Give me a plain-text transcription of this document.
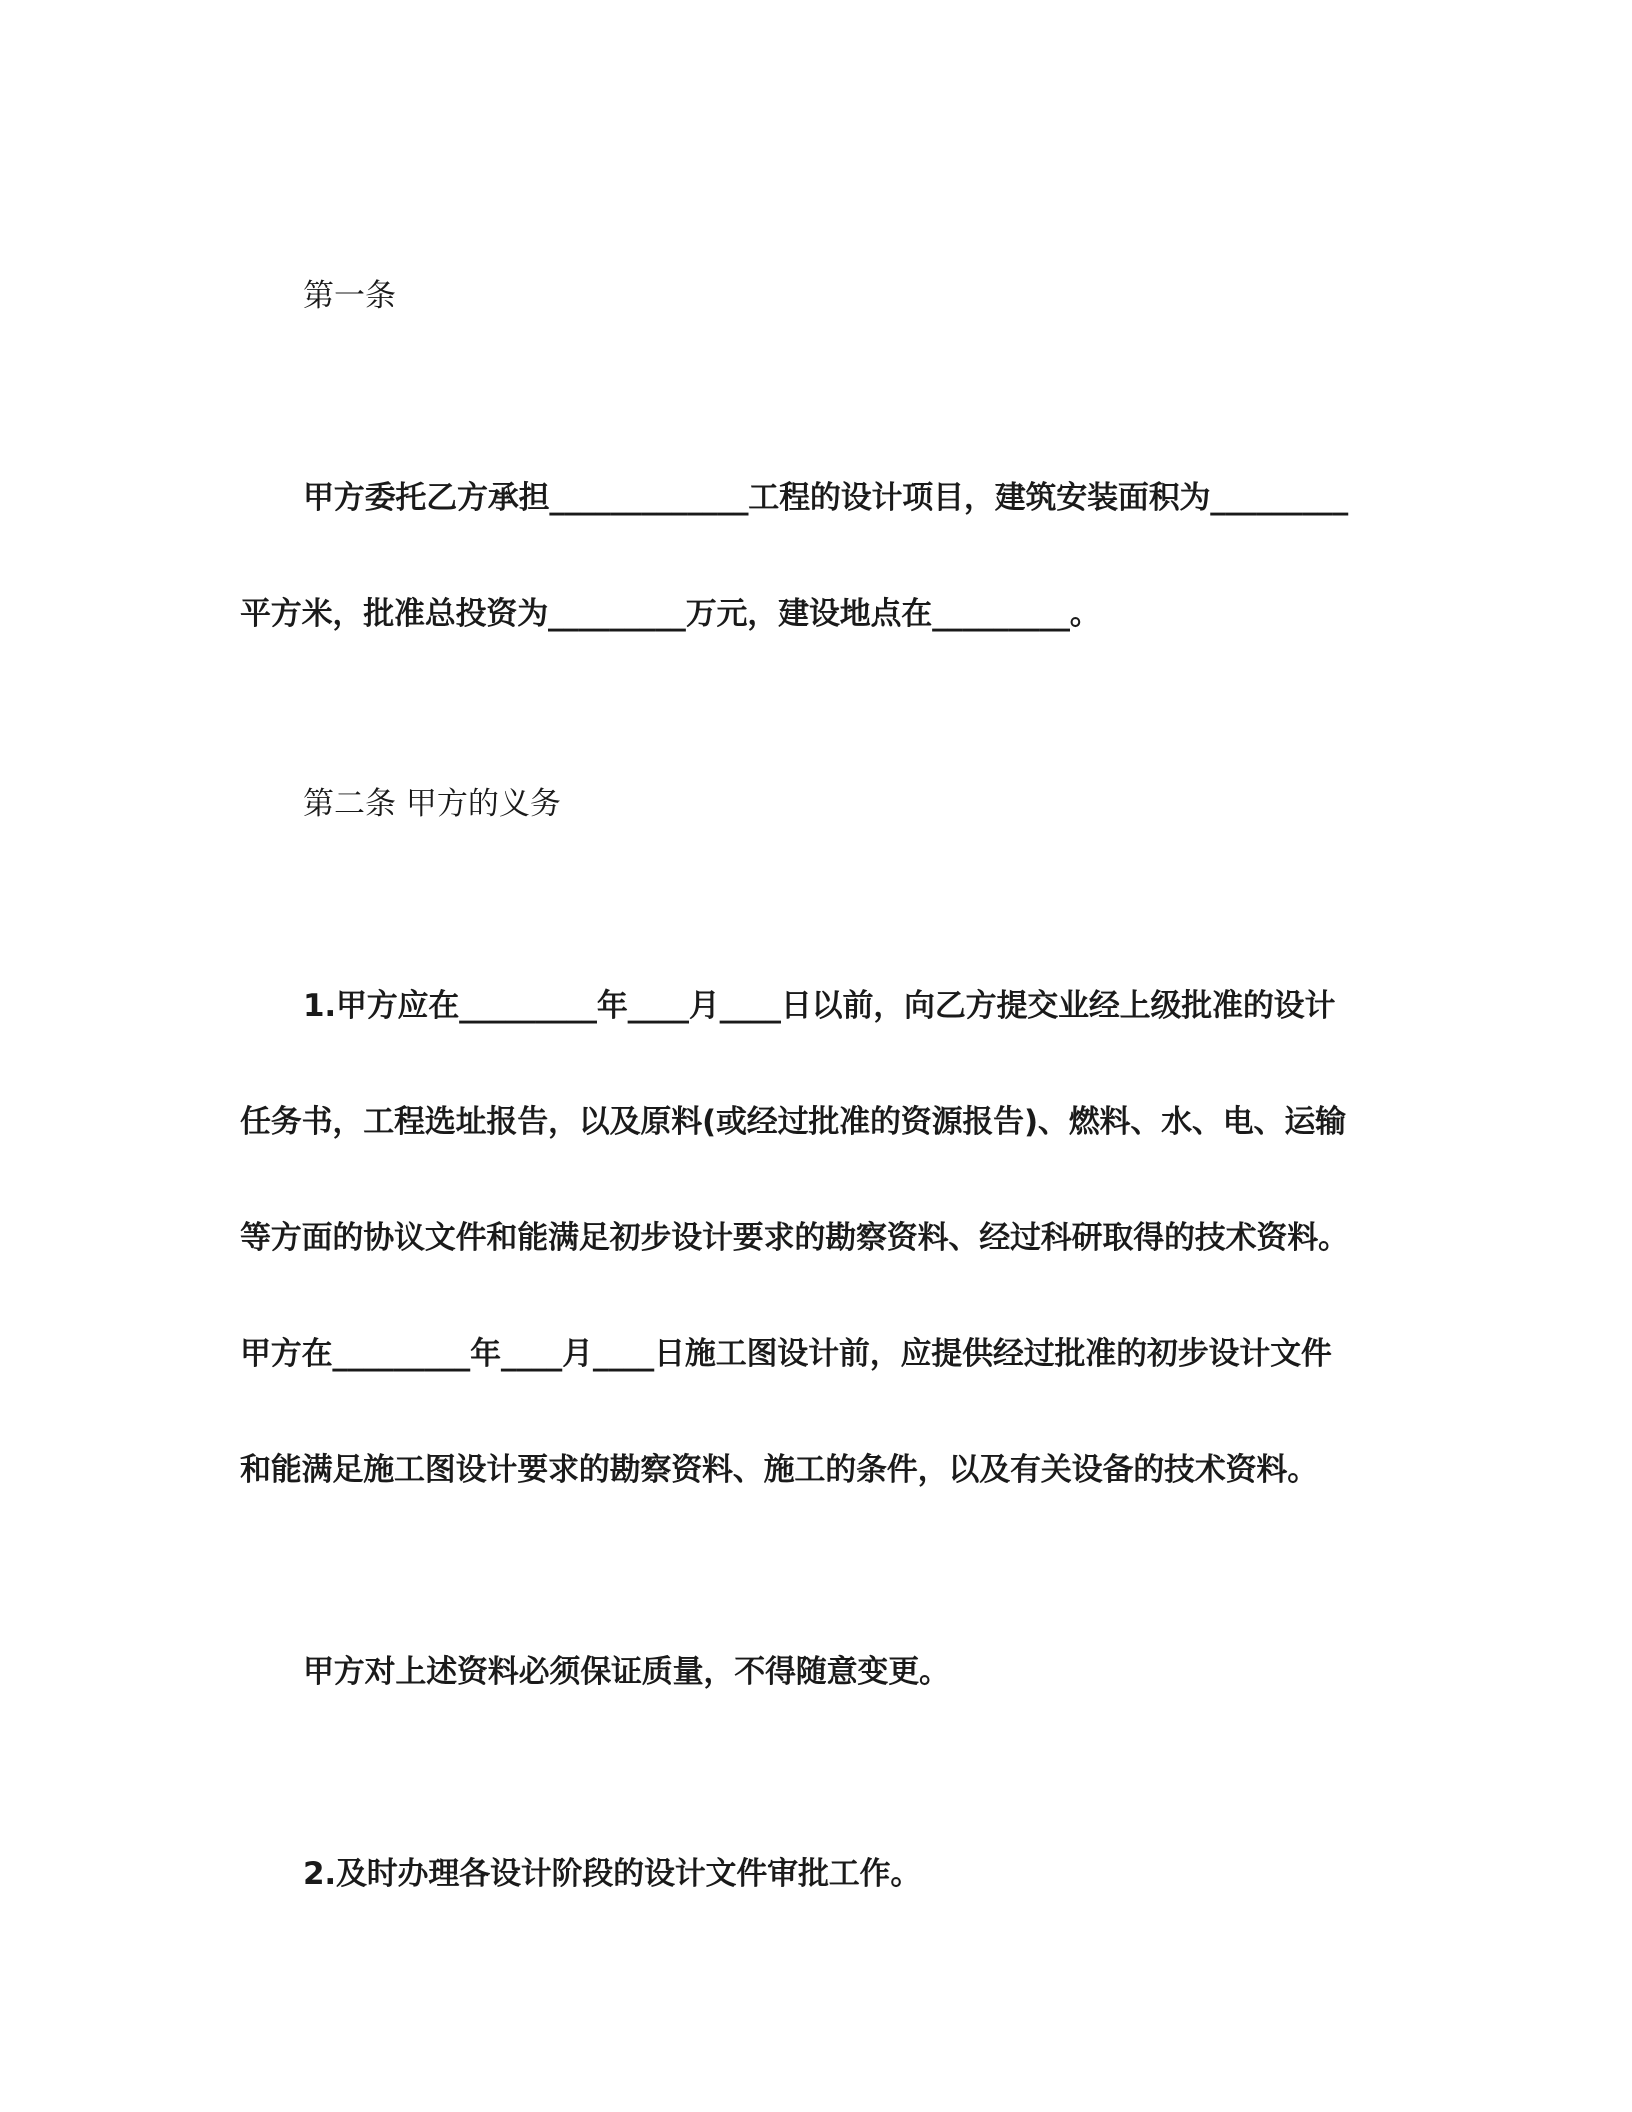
第一条

甲方委托乙方承担_____________工程的设计项目，建筑安装面积为_________

平方米，批准总投资为_________万元，建设地点在_________。

第二条 甲方的义务

1.甲方应在_________年____月____日以前，向乙方提交业经上级批准的设计

任务书，工程选址报告，以及原料(或经过批准的资源报告)、燃料、水、电、运输

等方面的协议文件和能满足初步设计要求的勘察资料、经过科研取得的技术资料。

甲方在_________年____月____日施工图设计前，应提供经过批准的初步设计文件

和能满足施工图设计要求的勘察资料、施工的条件，以及有关设备的技术资料。

甲方对上述资料必须保证质量，不得随意变更。

2.及时办理各设计阶段的设计文件审批工作。
